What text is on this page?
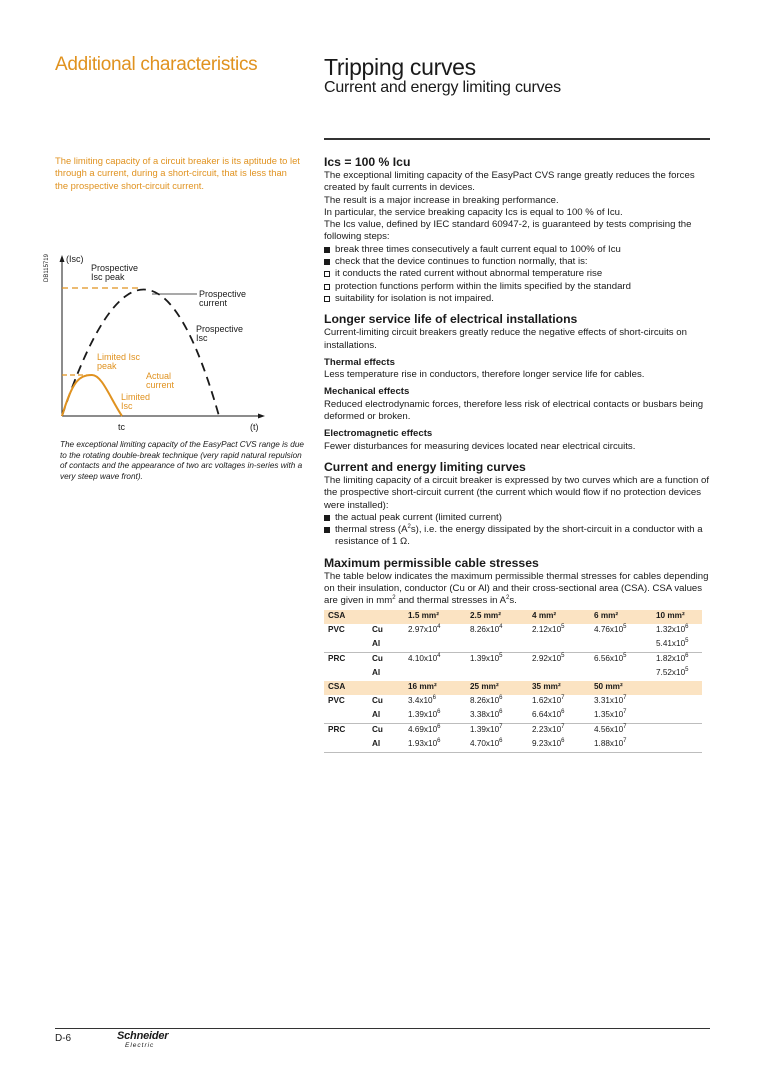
Additional characteristics	Tripping curves
Current and energy limiting curves
The limiting capacity of a circuit breaker is its aptitude to let through a current, during a short-circuit, that is less than the prospective short-circuit current.
DB115719 (Isc)
(t)
tc
Prospective
Isc peak
Prospective
current
Prospective
Isc
Limited Isc
peak
Actual
current
Limited
Isc
The exceptional limiting capacity of the EasyPact CVS range is due to the rotating double-break technique (very rapid natural repulsion of contacts and the appearance of two arc voltages in-series with a very steep wave front).
Ics = 100 % Icu

The exceptional limiting capacity of the EasyPact CVS range greatly reduces the forces created by fault currents in devices.

The result is a major increase in breaking performance.

In particular, the service breaking capacity Ics is equal to 100 % of Icu.

The Ics value, defined by IEC standard 60947-2, is guaranteed by tests comprising the following steps:

break three times consecutively a fault current equal to 100% of Icu
check that the device continues to function normally, that is:
it conducts the rated current without abnormal temperature rise
protection functions perform within the limits specified by the standard
suitability for isolation is not impaired.
Longer service life of electrical installations

Current-limiting circuit breakers greatly reduce the negative effects of short-circuits on installations.

Thermal effects

Less temperature rise in conductors, therefore longer service life for cables.

Mechanical effects

Reduced electrodynamic forces, therefore less risk of electrical contacts or busbars being deformed or broken.

Electromagnetic effects

Fewer disturbances for measuring devices located near electrical circuits.

Current and energy limiting curves

The limiting capacity of a circuit breaker is expressed by two curves which are a function of the prospective short-circuit current (the current which would flow if no protection devices were installed):

the actual peak current (limited current)
thermal stress $(A^2s)$, i.e. the energy dissipated by the short-circuit in a conductor with a resistance of 1 Ω.
Maximum permissible cable stresses

The table below indicates the maximum permissible thermal stresses for cables depending on their insulation, conductor (Cu or Al) and their cross-sectional area (CSA). CSA values are given in $mm^2$ and thermal stresses in $A^2s$.

CSA		1.5 mm²	2.5 mm²	4 mm²	6 mm²	10 mm²
PVC	Cu	$2.97x10^4$	$8.26x10^4$	$2.12x10^5$	$4.76x10^5$	$1.32x10^6$
	Al					$5.41x10^5$
PRC	Cu	$4.10x10^4$	$1.39x10^5$	$2.92x10^5$	$6.56x10^5$	$1.82x10^6$
	Al					$7.52x10^5$
CSA		16 mm²	25 mm²	35 mm²	50 mm²	
PVC	Cu	$3.4x10^6$	$8.26x10^6$	$1.62x10^7$	$3.31x10^7$	
	Al	$1.39x10^6$	$3.38x10^6$	$6.64x10^6$	$1.35x10^7$	
PRC	Cu	$4.69x10^6$	$1.39x10^7$	$2.23x10^7$	$4.56x10^7$	
	Al	$1.93x10^6$	$4.70x10^6$	$9.23x10^6$	$1.88x10^7$	
D-6	Schneider
Electric
